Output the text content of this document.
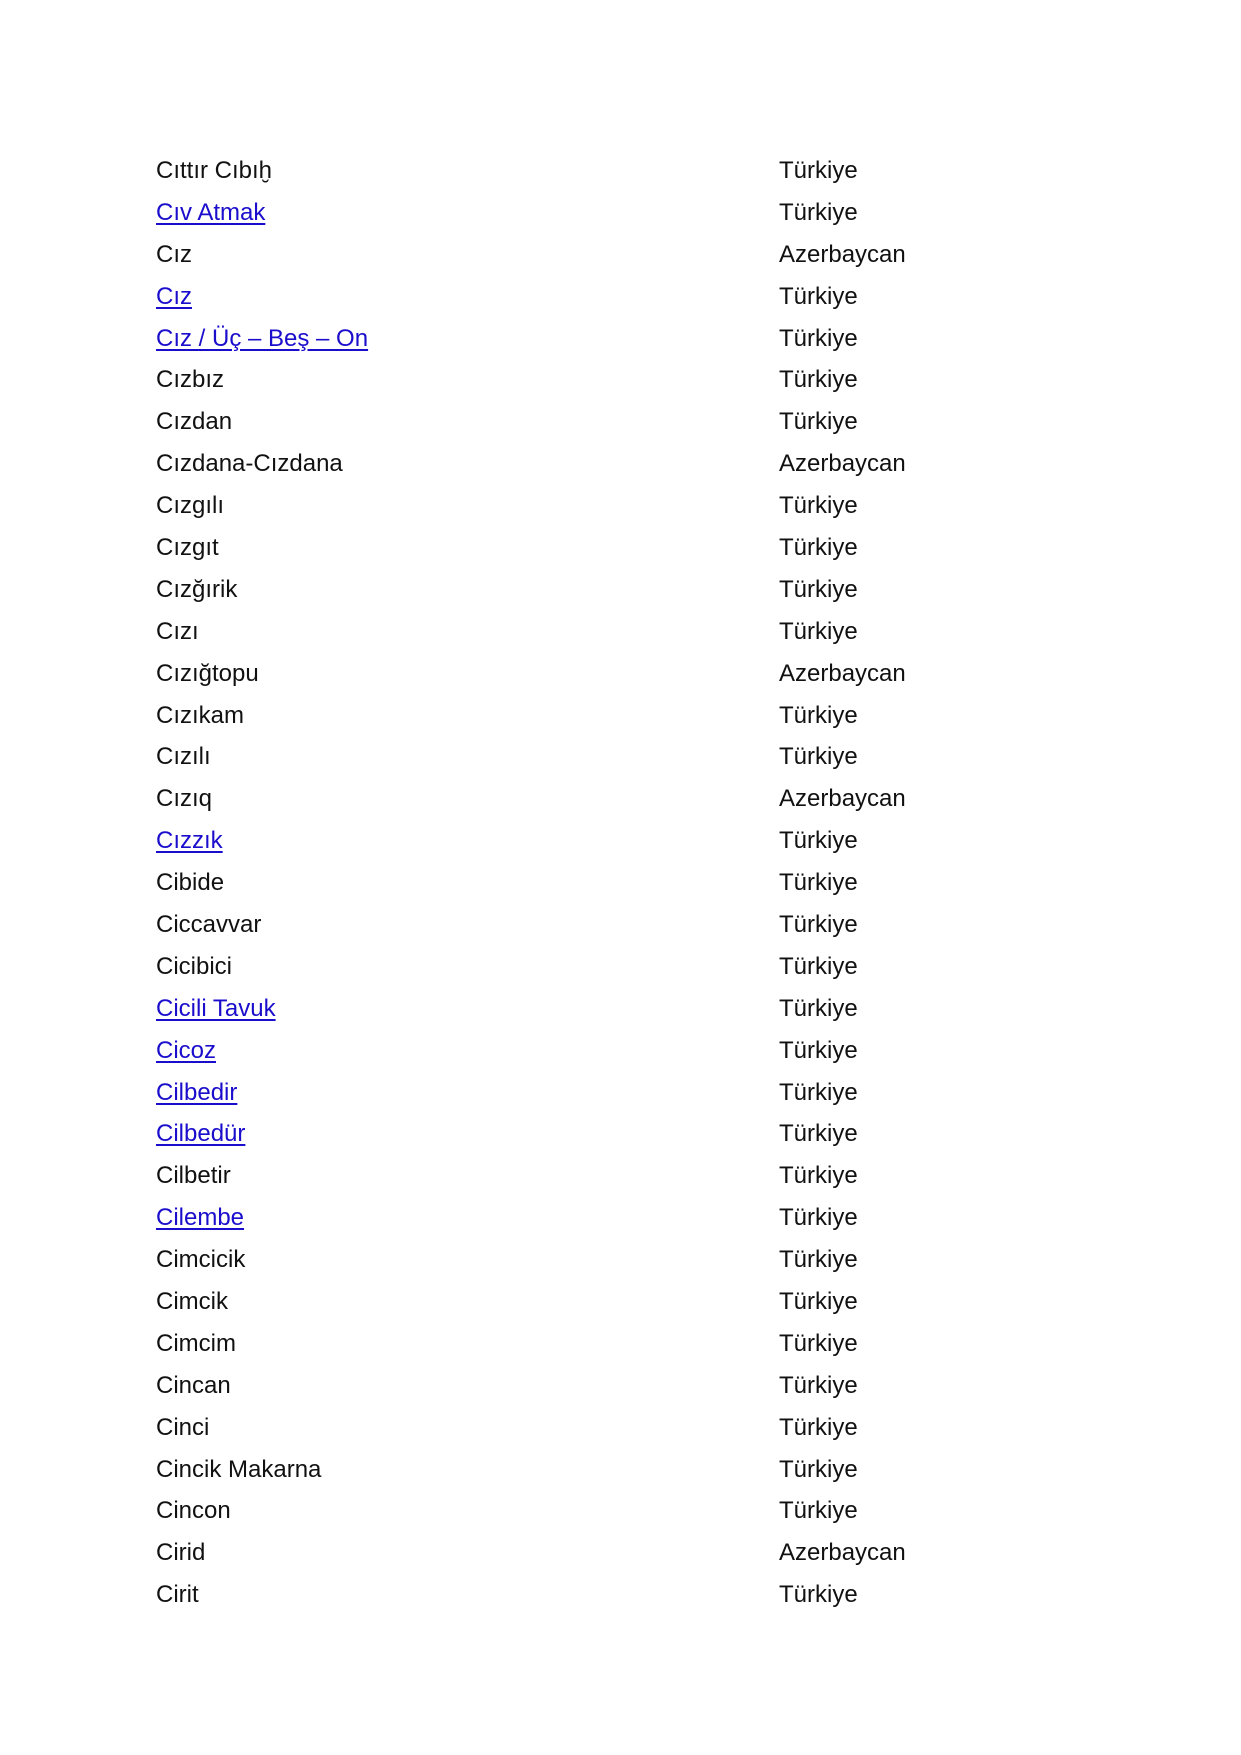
Cıttır Cıbıḫ	Türkiye
Cıv Atmak	Türkiye
Cız	Azerbaycan
Cız	Türkiye
Cız / Üç – Beş – On	Türkiye
Cızbız	Türkiye
Cızdan	Türkiye
Cızdana-Cızdana	Azerbaycan
Cızgılı	Türkiye
Cızgıt	Türkiye
Cızğırik	Türkiye
Cızı	Türkiye
Cızığtopu	Azerbaycan
Cızıkam	Türkiye
Cızılı	Türkiye
Cızıq	Azerbaycan
Cızzık	Türkiye
Cibide	Türkiye
Ciccavvar	Türkiye
Cicibici	Türkiye
Cicili Tavuk	Türkiye
Cicoz	Türkiye
Cilbedir	Türkiye
Cilbedür	Türkiye
Cilbetir	Türkiye
Cilembe	Türkiye
Cimcicik	Türkiye
Cimcik	Türkiye
Cimcim	Türkiye
Cincan	Türkiye
Cinci	Türkiye
Cincik Makarna	Türkiye
Cincon	Türkiye
Cirid	Azerbaycan
Cirit	Türkiye
